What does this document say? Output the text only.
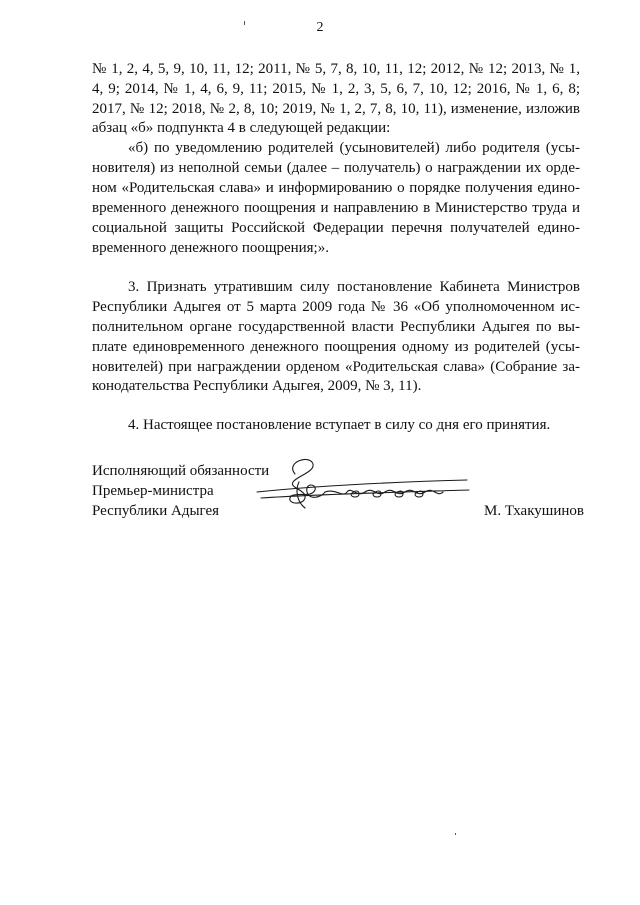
2
№ 1, 2, 4, 5, 9, 10, 11, 12; 2011, № 5, 7, 8, 10, 11, 12; 2012, № 12; 2013, № 1,
4, 9; 2014, № 1, 4, 6, 9, 11; 2015, № 1, 2, 3, 5, 6, 7, 10, 12; 2016, № 1, 6, 8;
2017, № 12; 2018, № 2, 8, 10; 2019, № 1, 2, 7, 8, 10, 11), изменение, изложив
абзац «б» подпункта 4 в следующей редакции:
«б) по уведомлению родителей (усыновителей) либо родителя (усы-
новителя) из неполной семьи (далее – получатель) о награждении их орде-
ном «Родительская слава» и информированию о порядке получения едино-
временного денежного поощрения и направлению в Министерство труда и
социальной защиты Российской Федерации перечня получателей едино-
временного денежного поощрения;».
3. Признать утратившим силу постановление Кабинета Министров
Республики Адыгея от 5 марта 2009 года № 36 «Об уполномоченном ис-
полнительном органе государственной власти Республики Адыгея по вы-
плате единовременного денежного поощрения одному из родителей (усы-
новителей) при награждении орденом «Родительская слава» (Собрание за-
конодательства Республики Адыгея, 2009, № 3, 11).
4. Настоящее постановление вступает в силу со дня его принятия.
Исполняющий обязанности
Премьер-министра
Республики Адыгея	М. Тхакушинов
